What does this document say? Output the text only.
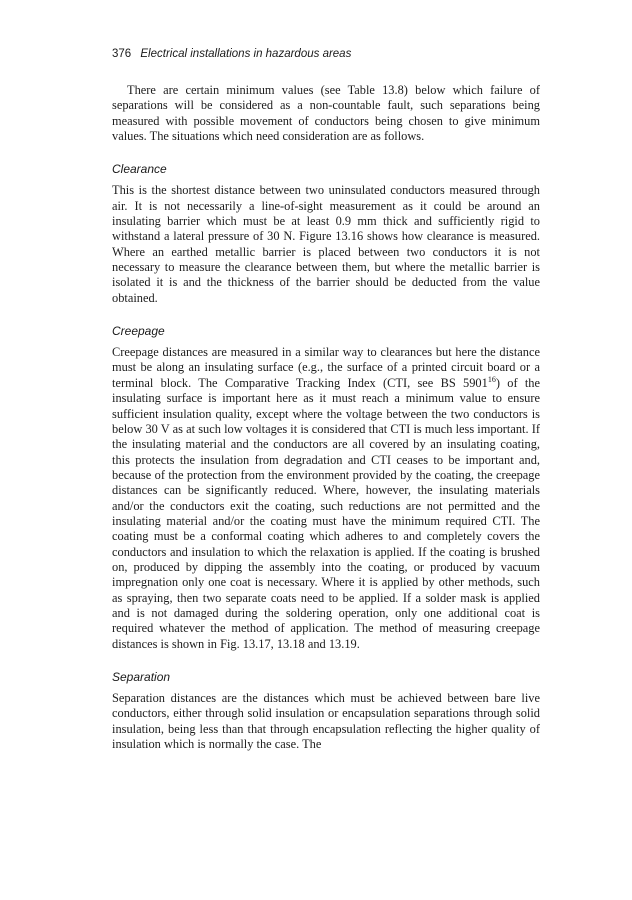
376 Electrical installations in hazardous areas

There are certain minimum values (see Table 13.8) below which failure of separations will be considered as a non-countable fault, such separations being measured with possible movement of conductors being chosen to give minimum values. The situations which need consideration are as follows.

Clearance

This is the shortest distance between two uninsulated conductors measured through air. It is not necessarily a line-of-sight measurement as it could be around an insulating barrier which must be at least 0.9 mm thick and sufficiently rigid to withstand a lateral pressure of 30 N. Figure 13.16 shows how clearance is measured. Where an earthed metallic barrier is placed between two conductors it is not necessary to measure the clearance between them, but where the metallic barrier is isolated it is and the thickness of the barrier should be deducted from the value obtained.

Creepage

Creepage distances are measured in a similar way to clearances but here the distance must be along an insulating surface (e.g., the surface of a printed circuit board or a terminal block. The Comparative Tracking Index (CTI, see BS 5901$^{16}$) of the insulating surface is important here as it must reach a minimum value to ensure sufficient insulation quality, except where the voltage between the two conductors is below 30 V as at such low voltages it is considered that CTI is much less important. If the insulating material and the conductors are all covered by an insulating coating, this protects the insulation from degradation and CTI ceases to be important and, because of the protection from the environment provided by the coating, the creepage distances can be significantly reduced. Where, however, the insulating materials and/or the conductors exit the coating, such reductions are not permitted and the insulating material and/or the coating must have the minimum required CTI. The coating must be a conformal coating which adheres to and completely covers the conductors and insulation to which the relaxation is applied. If the coating is brushed on, produced by dipping the assembly into the coating, or produced by vacuum impregnation only one coat is necessary. Where it is applied by other methods, such as spraying, then two separate coats need to be applied. If a solder mask is applied and is not damaged during the soldering operation, only one additional coat is required whatever the method of application. The method of measuring creepage distances is shown in Fig. 13.17, 13.18 and 13.19.

Separation

Separation distances are the distances which must be achieved between bare live conductors, either through solid insulation or encapsulation separations through solid insulation, being less than that through encapsulation reflecting the higher quality of insulation which is normally the case. The
